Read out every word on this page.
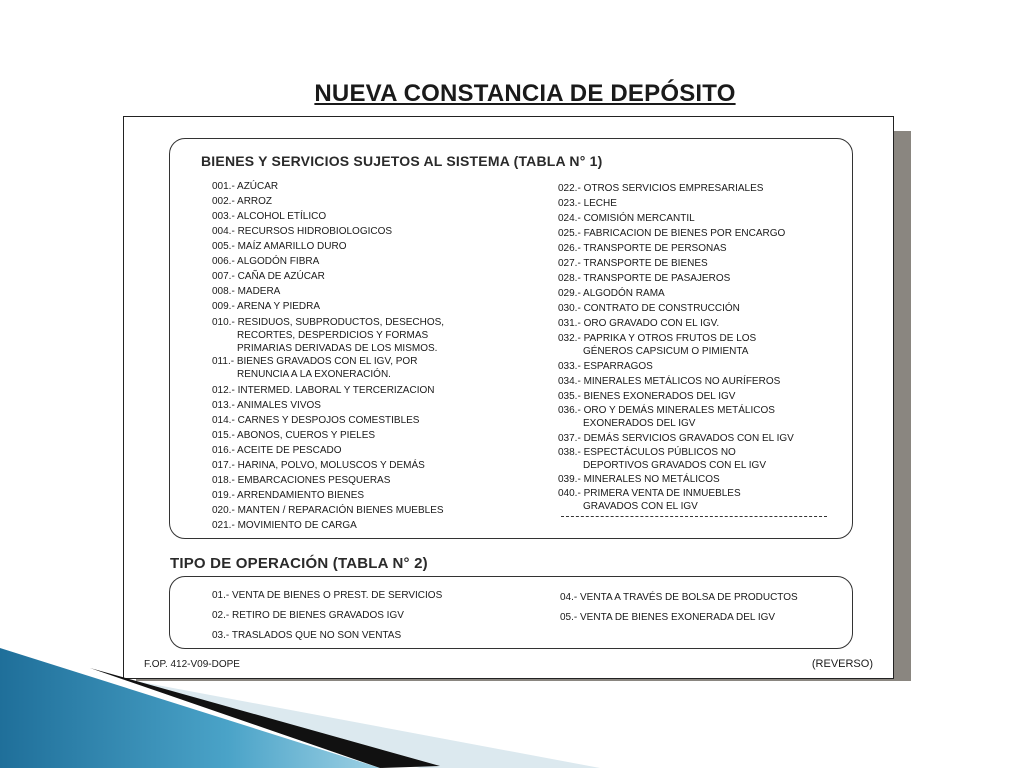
NUEVA CONSTANCIA DE DEPÓSITO
BIENES Y SERVICIOS SUJETOS AL SISTEMA (TABLA N° 1)
001.- AZÚCAR
002.- ARROZ
003.- ALCOHOL ETÍLICO
004.- RECURSOS HIDROBIOLOGICOS
005.- MAÍZ AMARILLO DURO
006.- ALGODÓN FIBRA
007.- CAÑA DE AZÚCAR
008.- MADERA
009.- ARENA Y PIEDRA
010.- RESIDUOS, SUBPRODUCTOS, DESECHOS,
RECORTES, DESPERDICIOS Y FORMAS
PRIMARIAS DERIVADAS DE LOS MISMOS.
011.- BIENES GRAVADOS CON EL IGV, POR
RENUNCIA A LA EXONERACIÓN.
012.- INTERMED. LABORAL Y TERCERIZACION
013.- ANIMALES VIVOS
014.- CARNES Y DESPOJOS COMESTIBLES
015.- ABONOS, CUEROS Y PIELES
016.- ACEITE DE PESCADO
017.- HARINA, POLVO, MOLUSCOS Y DEMÁS
018.- EMBARCACIONES PESQUERAS
019.- ARRENDAMIENTO BIENES
020.- MANTEN / REPARACIÓN BIENES MUEBLES
021.- MOVIMIENTO DE CARGA
022.- OTROS SERVICIOS EMPRESARIALES
023.- LECHE
024.- COMISIÓN MERCANTIL
025.- FABRICACION DE BIENES POR ENCARGO
026.- TRANSPORTE DE PERSONAS
027.- TRANSPORTE DE BIENES
028.- TRANSPORTE DE PASAJEROS
029.- ALGODÓN RAMA
030.- CONTRATO DE CONSTRUCCIÓN
031.- ORO GRAVADO CON EL IGV.
032.- PAPRIKA Y OTROS FRUTOS DE LOS
GÉNEROS CAPSICUM O PIMIENTA
033.- ESPARRAGOS
034.- MINERALES METÁLICOS NO AURÍFEROS
035.- BIENES EXONERADOS DEL IGV
036.- ORO Y DEMÁS MINERALES METÁLICOS
EXONERADOS DEL IGV
037.- DEMÁS SERVICIOS GRAVADOS CON EL IGV
038.- ESPECTÁCULOS PÚBLICOS NO
DEPORTIVOS GRAVADOS CON EL IGV
039.- MINERALES NO METÁLICOS
040.- PRIMERA VENTA DE INMUEBLES
GRAVADOS CON EL IGV
TIPO DE OPERACIÓN (TABLA N° 2)
01.- VENTA DE BIENES O PREST. DE SERVICIOS
02.- RETIRO DE BIENES GRAVADOS IGV
03.- TRASLADOS QUE NO SON VENTAS
04.- VENTA A TRAVÉS DE BOLSA DE PRODUCTOS
05.- VENTA DE BIENES EXONERADA DEL IGV
F.OP. 412-V09-DOPE	(REVERSO)
